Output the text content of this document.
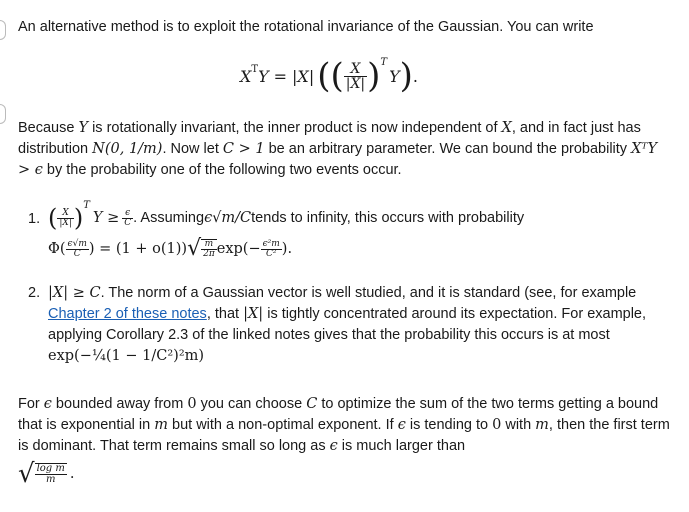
An alternative method is to exploit the rotational invariance of the Gaussian. You can write
$X^T$ Y = |X| (( $\frac{X}{|X|}$ ) T
Y ) .
Because Y is rotationally invariant, the inner product is now independent of X, and in fact just has distribution N(0, 1/m). Now let C > 1 be an arbitrary parameter. We can bound the probability XᵀY > ϵ by the probability one of the following two events occur.
1. ( $\frac{X}{|X|}$ ) T
$Y \ge \frac{\epsilon}{C}$ . Assuming ϵ√m/C tends to infinity, this occurs with probability
$\Phi( \frac{\epsilon√m}{C}$ ) = (1 + o(1)) √ $\frac{m}{2\pi} \exp(- \frac{\text{ϵ²m}}{\text{C²}}$ ).
2. |X| ≥ C. The norm of a Gaussian vector is well studied, and it is standard (see, for example Chapter 2 of these notes, that |X| is tightly concentrated around its expectation. For example, applying Corollary 2.3 of the linked notes gives that the probability this occurs is at most exp(−¼(1 − 1/C²)²m)
For ϵ bounded away from 0 you can choose C to optimize the sum of the two terms getting a bound that is exponential in m but with a non-optimal exponent. If ϵ is tending to 0 with m, then the first term is dominant. That term remains small so long as ϵ is much larger than
√ $\frac{\text{log m}}{m}$ .
